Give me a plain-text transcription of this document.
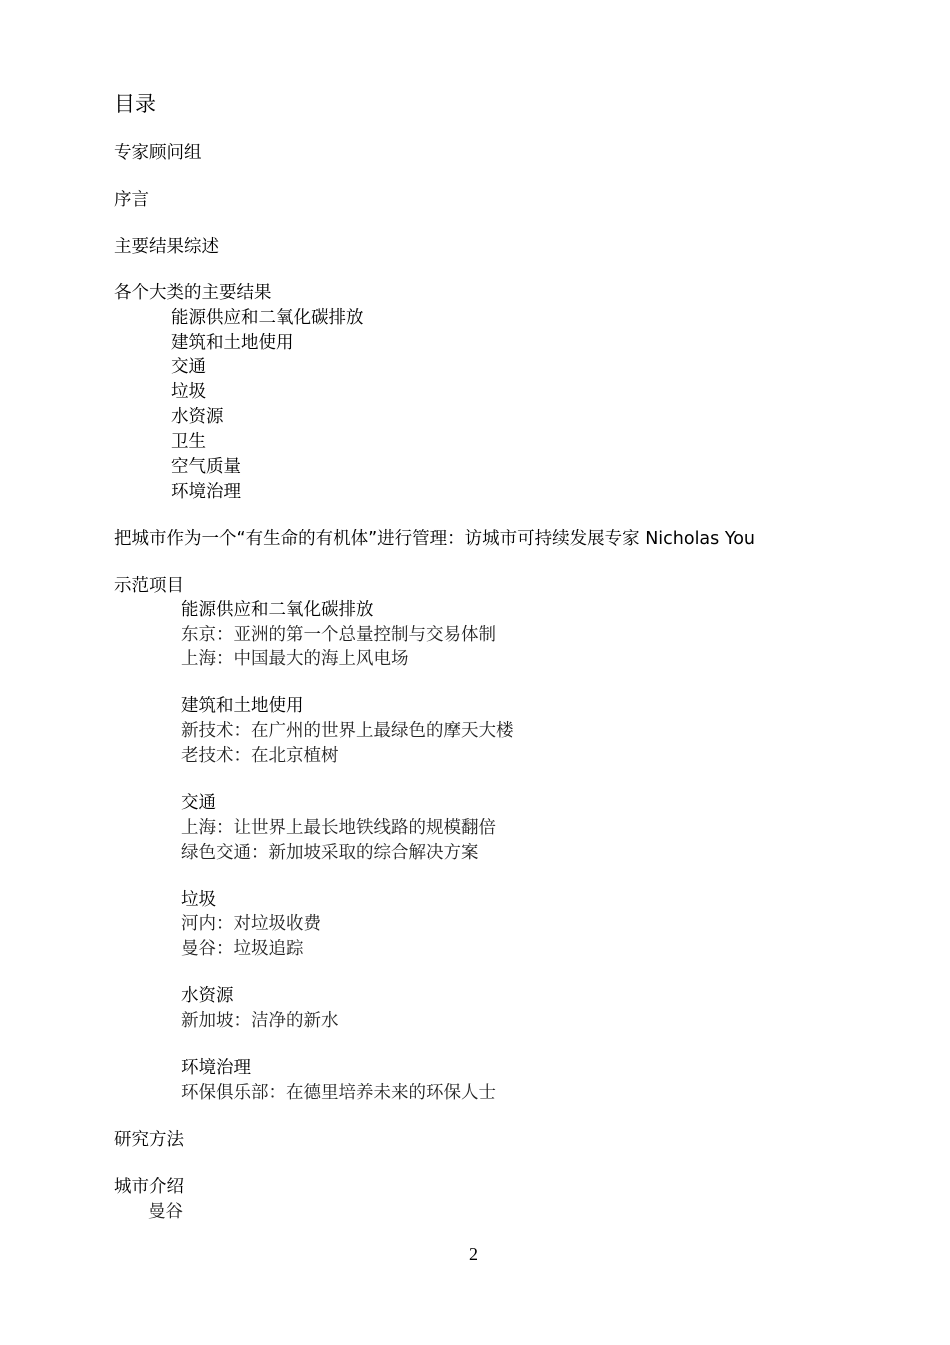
目录
专家顾问组
序言
主要结果综述
各个大类的主要结果
能源供应和二氧化碳排放
建筑和土地使用
交通
垃圾
水资源
卫生
空气质量
环境治理
把城市作为一个“有生命的有机体”进行管理：访城市可持续发展专家 Nicholas You
示范项目
能源供应和二氧化碳排放
东京：亚洲的第一个总量控制与交易体制
上海：中国最大的海上风电场
建筑和土地使用
新技术：在广州的世界上最绿色的摩天大楼
老技术：在北京植树
交通
上海：让世界上最长地铁线路的规模翻倍
绿色交通：新加坡采取的综合解决方案
垃圾
河内：对垃圾收费
曼谷：垃圾追踪
水资源
新加坡：洁净的新水
环境治理
环保俱乐部：在德里培养未来的环保人士
研究方法
城市介绍
曼谷
2
